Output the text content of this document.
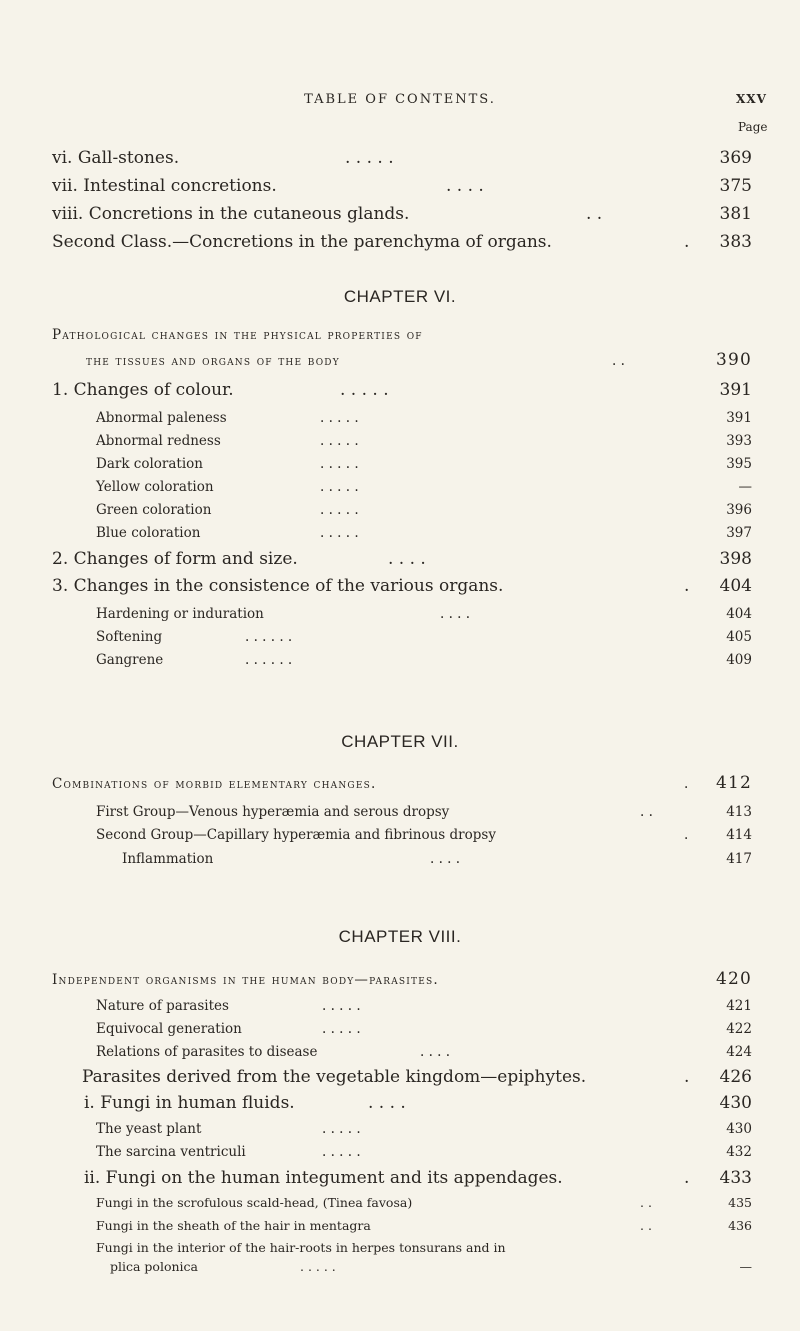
TABLE OF CONTENTS.	XXV
Page
vi. Gall-stones.	. . . . .	369
vii. Intestinal concretions.	. . . .	375
viii. Concretions in the cutaneous glands.	. .	381
Second Class.—Concretions in the parenchyma of organs.	.	383
CHAPTER VI.
Pathological changes in the physical properties of
the tissues and organs of the body	. .	390
1. Changes of colour.	. . . . .	391
Abnormal paleness	. . . . .	391
Abnormal redness	. . . . .	393
Dark coloration	. . . . .	395
Yellow coloration	. . . . .	—
Green coloration	. . . . .	396
Blue coloration	. . . . .	397
2. Changes of form and size.	. . . .	398
3. Changes in the consistence of the various organs.	.	404
Hardening or induration	. . . .	404
Softening	. . . . . .	405
Gangrene	. . . . . .	409
CHAPTER VII.
Combinations of morbid elementary changes.	. 412
First Group—Venous hyperæmia and serous dropsy	. .	413
Second Group—Capillary hyperæmia and fibrinous dropsy	.	414
Inflammation	. . . .	417
CHAPTER VIII.
Independent organisms in the human body—parasites.	420
Nature of parasites	. . . . .	421
Equivocal generation	. . . . .	422
Relations of parasites to disease	. . . .	424
Parasites derived from the vegetable kingdom—epiphytes.	.	426
i. Fungi in human fluids.	. . . .	430
The yeast plant	. . . . .	430
The sarcina ventriculi	. . . . .	432
ii. Fungi on the human integument and its appendages.	.	433
Fungi in the scrofulous scald-head, (Tinea favosa)	. .	435
Fungi in the sheath of the hair in mentagra	. .	436
Fungi in the interior of the hair-roots in herpes tonsurans and in
plica polonica	. . . . .	—
